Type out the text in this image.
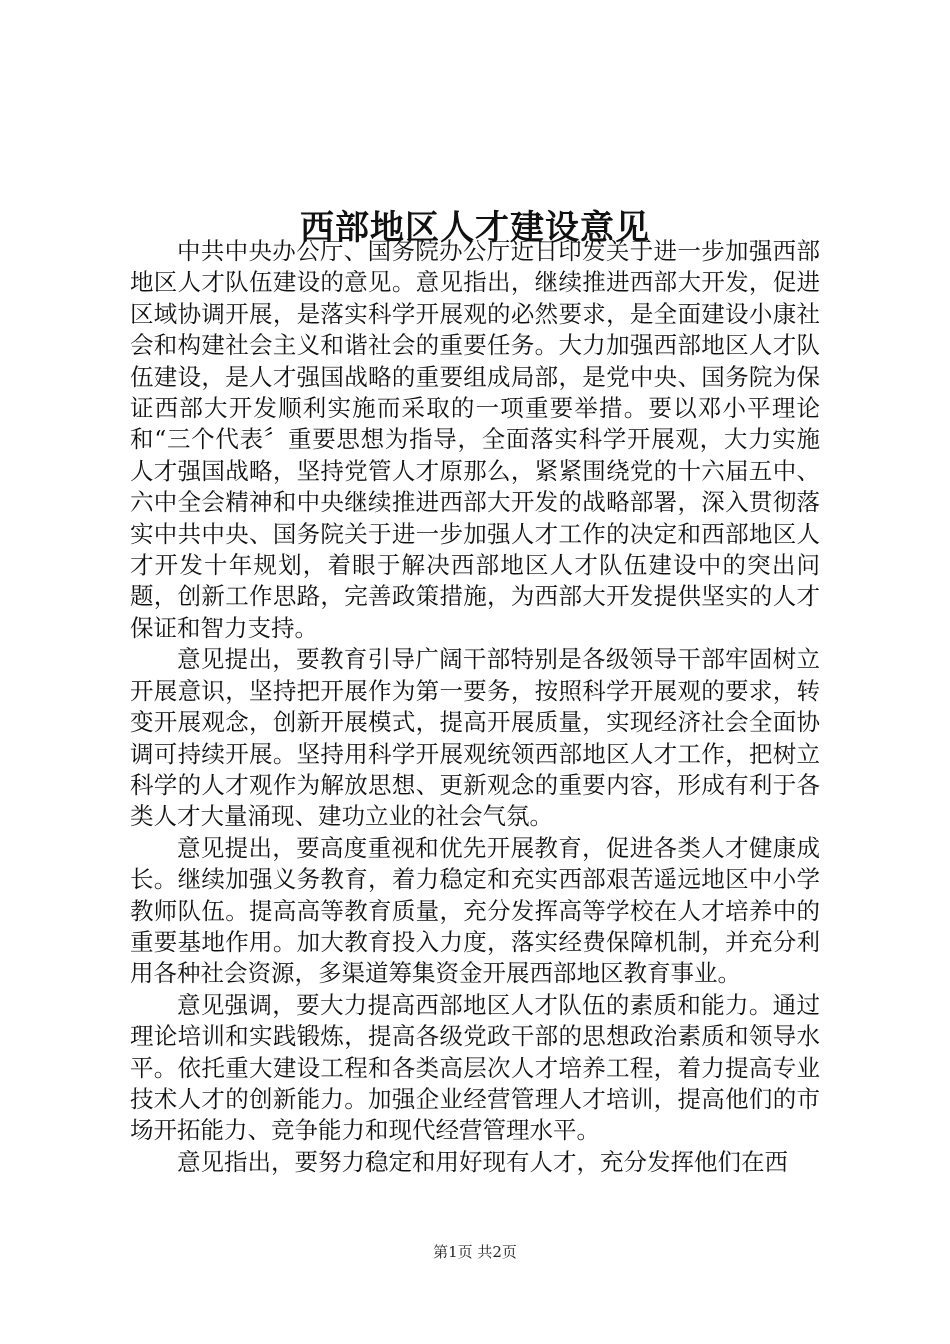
西部地区人才建设意见

中共中央办公厅、国务院办公厅近日印发关于进一步加强西部地区人才队伍建设的意见。意见指出，继续推进西部大开发，促进区域协调开展，是落实科学开展观的必然要求，是全面建设小康社会和构建社会主义和谐社会的重要任务。大力加强西部地区人才队伍建设，是人才强国战略的重要组成局部，是党中央、国务院为保证西部大开发顺利实施而采取的一项重要举措。要以邓小平理论和“三个代表〞重要思想为指导，全面落实科学开展观，大力实施人才强国战略，坚持党管人才原那么，紧紧围绕党的十六届五中、六中全会精神和中央继续推进西部大开发的战略部署，深入贯彻落实中共中央、国务院关于进一步加强人才工作的决定和西部地区人才开发十年规划，着眼于解决西部地区人才队伍建设中的突出问题，创新工作思路，完善政策措施，为西部大开发提供坚实的人才保证和智力支持。

意见提出，要教育引导广阔干部特别是各级领导干部牢固树立开展意识，坚持把开展作为第一要务，按照科学开展观的要求，转变开展观念，创新开展模式，提高开展质量，实现经济社会全面协调可持续开展。坚持用科学开展观统领西部地区人才工作，把树立科学的人才观作为解放思想、更新观念的重要内容，形成有利于各类人才大量涌现、建功立业的社会气氛。

意见提出，要高度重视和优先开展教育，促进各类人才健康成长。继续加强义务教育，着力稳定和充实西部艰苦遥远地区中小学教师队伍。提高高等教育质量，充分发挥高等学校在人才培养中的重要基地作用。加大教育投入力度，落实经费保障机制，并充分利用各种社会资源，多渠道筹集资金开展西部地区教育事业。

意见强调，要大力提高西部地区人才队伍的素质和能力。通过理论培训和实践锻炼，提高各级党政干部的思想政治素质和领导水平。依托重大建设工程和各类高层次人才培养工程，着力提高专业技术人才的创新能力。加强企业经营管理人才培训，提高他们的市场开拓能力、竞争能力和现代经营管理水平。

意见指出，要努力稳定和用好现有人才，充分发挥他们在西

第1页 共2页
